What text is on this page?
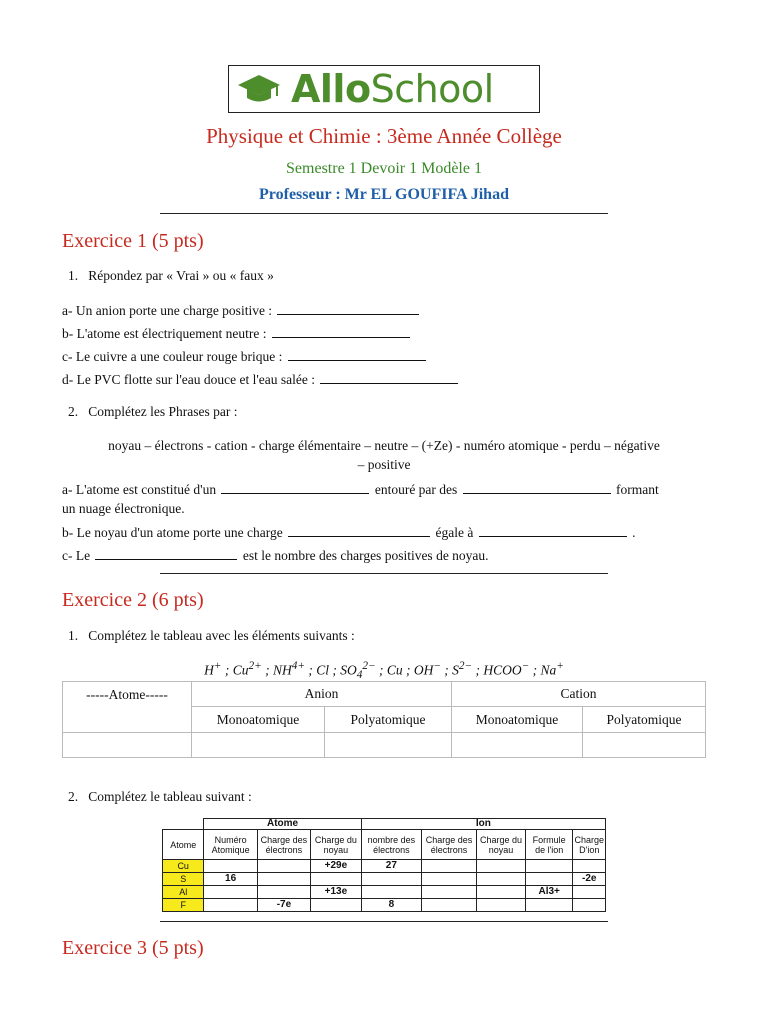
AlloSchool
Physique et Chimie : 3ème Année Collège
Semestre 1 Devoir 1 Modèle 1
Professeur : Mr EL GOUFIFA Jihad
Exercice 1 (5 pts)
1. Répondez par « Vrai » ou « faux »
a- Un anion porte une charge positive :
b- L'atome est électriquement neutre :
c- Le cuivre a une couleur rouge brique :
d- Le PVC flotte sur l'eau douce et l'eau salée :
2. Complétez les Phrases par :
noyau – électrons - cation - charge élémentaire – neutre – (+Ze) - numéro atomique - perdu – négative
– positive
a- L'atome est constitué d'un	entouré par des	formant
un nuage électronique.
b- Le noyau d'un atome porte une charge	égale à	.
c- Le	est le nombre des charges positives de noyau.
Exercice 2 (6 pts)
1. Complétez le tableau avec les éléments suivants :
H+ ; $Cu^{2+}$ ; $NH^{4+}$ ; Cl ; $SO_4^{2-}$ ; Cu ; OH− ; $S^{2-}$ ; HCOO− ; Na+
-----Atome-----	Anion		Cation	
	Monoatomique	Polyatomique	Monoatomique	Polyatomique

2. Complétez le tableau suivant :
	Atome			Ion				
Atome	Numéro Atomique	Charge des électrons	Charge du noyau	nombre des électrons	Charge des électrons	Charge du noyau	Formule de l'ion	Charge D'ion
Cu			+29e	27				
S	16							-2e
Al			+13e				Al3+	
F		-7e		8				
Exercice 3 (5 pts)
